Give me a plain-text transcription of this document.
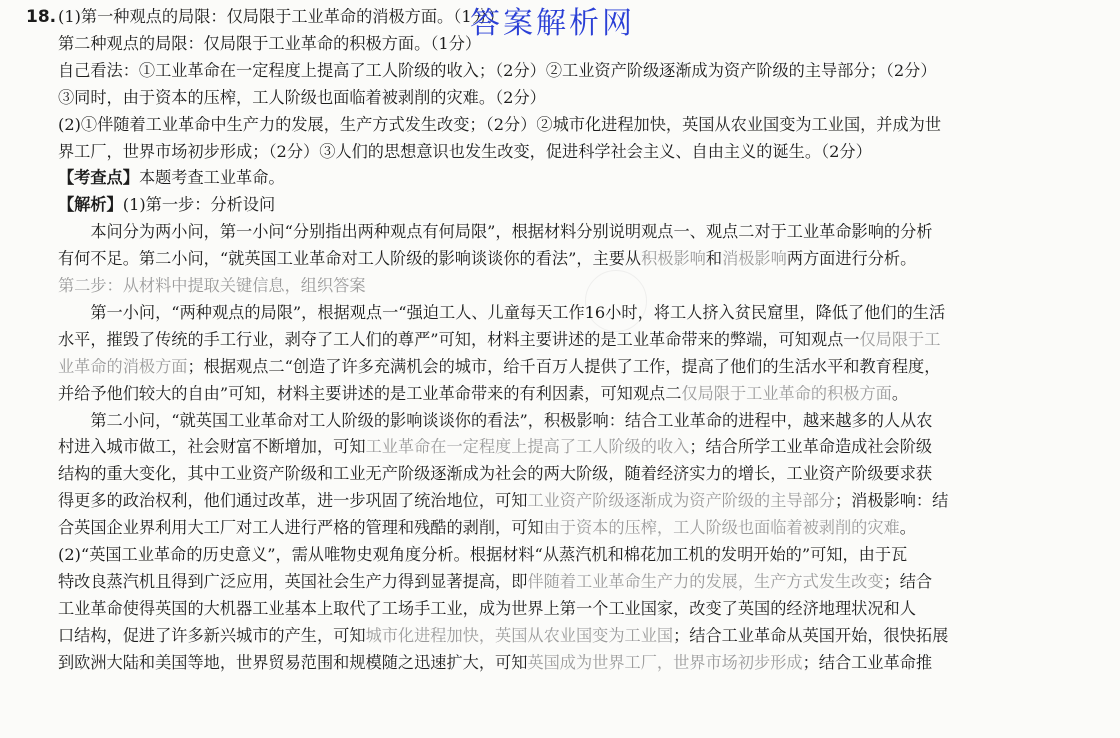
18. (1)第一种观点的局限：仅局限于工业革命的消极方面。（1分）
第二种观点的局限：仅局限于工业革命的积极方面。（1分）
自己看法：①工业革命在一定程度上提高了工人阶级的收入；（2分）②工业资产阶级逐渐成为资产阶级的主导部分；（2分）
③同时，由于资本的压榨，工人阶级也面临着被剥削的灾难。（2分）
(2)①伴随着工业革命中生产力的发展，生产方式发生改变；（2分）②城市化进程加快，英国从农业国变为工业国，并成为世
界工厂，世界市场初步形成；（2分）③人们的思想意识也发生改变，促进科学社会主义、自由主义的诞生。（2分）
【考查点】本题考查工业革命。
【解析】(1)第一步：分析设问
　　本问分为两小问，第一小问“分别指出两种观点有何局限”，根据材料分别说明观点一、观点二对于工业革命影响的分析
有何不足。第二小问，“就英国工业革命对工人阶级的影响谈谈你的看法”，主要从积极影响和消极影响两方面进行分析。
第二步：从材料中提取关键信息，组织答案
　　第一小问，“两种观点的局限”，根据观点一“强迫工人、儿童每天工作16小时，将工人挤入贫民窟里，降低了他们的生活
水平，摧毁了传统的手工行业，剥夺了工人们的尊严”可知，材料主要讲述的是工业革命带来的弊端，可知观点一仅局限于工
业革命的消极方面；根据观点二“创造了许多充满机会的城市，给千百万人提供了工作，提高了他们的生活水平和教育程度，
并给予他们较大的自由”可知，材料主要讲述的是工业革命带来的有利因素，可知观点二仅局限于工业革命的积极方面。
　　第二小问，“就英国工业革命对工人阶级的影响谈谈你的看法”，积极影响：结合工业革命的进程中，越来越多的人从农
村进入城市做工，社会财富不断增加，可知工业革命在一定程度上提高了工人阶级的收入；结合所学工业革命造成社会阶级
结构的重大变化，其中工业资产阶级和工业无产阶级逐渐成为社会的两大阶级，随着经济实力的增长，工业资产阶级要求获
得更多的政治权利，他们通过改革，进一步巩固了统治地位，可知工业资产阶级逐渐成为资产阶级的主导部分；消极影响：结
合英国企业界利用大工厂对工人进行严格的管理和残酷的剥削，可知由于资本的压榨，工人阶级也面临着被剥削的灾难。
(2)“英国工业革命的历史意义”，需从唯物史观角度分析。根据材料“从蒸汽机和棉花加工机的发明开始的”可知，由于瓦
特改良蒸汽机且得到广泛应用，英国社会生产力得到显著提高，即伴随着工业革命生产力的发展，生产方式发生改变；结合
工业革命使得英国的大机器工业基本上取代了工场手工业，成为世界上第一个工业国家，改变了英国的经济地理状况和人
口结构，促进了许多新兴城市的产生，可知城市化进程加快，英国从农业国变为工业国；结合工业革命从英国开始，很快拓展
到欧洲大陆和美国等地，世界贸易范围和规模随之迅速扩大，可知英国成为世界工厂，世界市场初步形成；结合工业革命推
答案解析网
